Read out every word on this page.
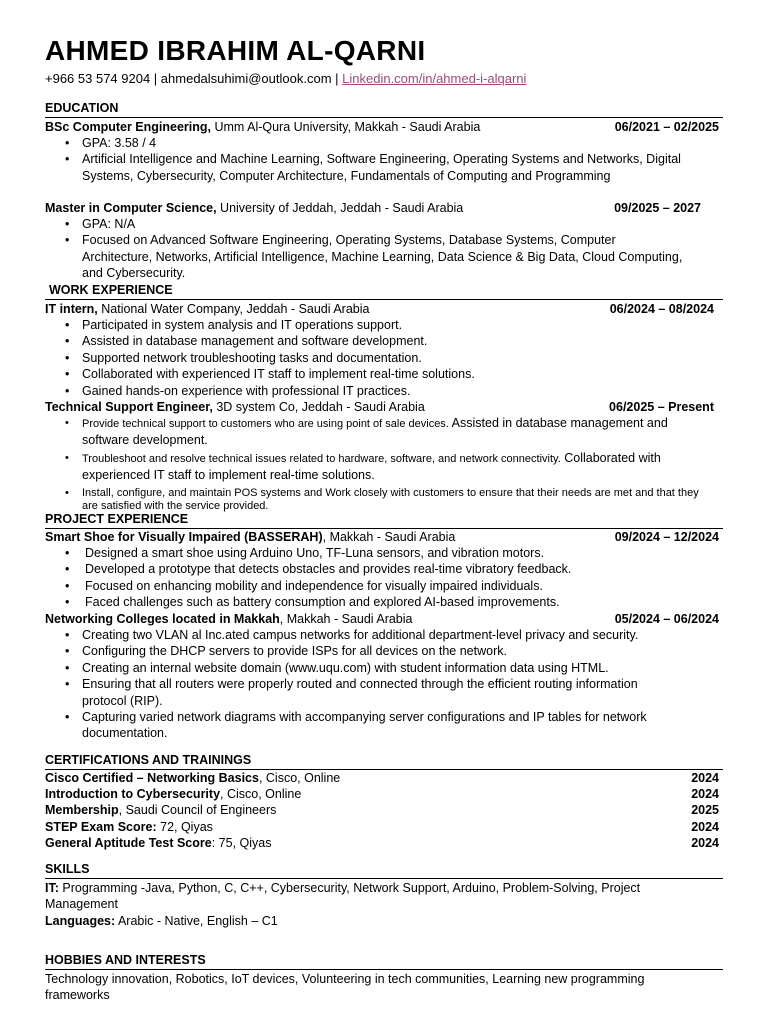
AHMED IBRAHIM AL-QARNI
+966 53 574 9204 | ahmedalsuhimi@outlook.com | Linkedin.com/in/ahmed-i-alqarni
EDUCATION
BSc Computer Engineering, Umm Al-Qura University, Makkah - Saudi Arabia	06/2021 – 02/2025
• GPA: 3.58 / 4
• Artificial Intelligence and Machine Learning, Software Engineering, Operating Systems and Networks, Digital Systems, Cybersecurity, Computer Architecture, Fundamentals of Computing and Programming
Master in Computer Science, University of Jeddah, Jeddah - Saudi Arabia	09/2025 – 2027
• GPA: N/A
• Focused on Advanced Software Engineering, Operating Systems, Database Systems, Computer Architecture, Networks, Artificial Intelligence, Machine Learning, Data Science & Big Data, Cloud Computing, and Cybersecurity.
WORK EXPERIENCE
IT intern, National Water Company, Jeddah - Saudi Arabia	06/2024 – 08/2024
• Participated in system analysis and IT operations support.
• Assisted in database management and software development.
• Supported network troubleshooting tasks and documentation.
• Collaborated with experienced IT staff to implement real-time solutions.
• Gained hands-on experience with professional IT practices.
Technical Support Engineer, 3D system Co, Jeddah - Saudi Arabia	06/2025 – Present
• Provide technical support to customers who are using point of sale devices. Assisted in database management and software development.
• Troubleshoot and resolve technical issues related to hardware, software, and network connectivity. Collaborated with experienced IT staff to implement real-time solutions.
• Install, configure, and maintain POS systems and Work closely with customers to ensure that their needs are met and that they are satisfied with the service provided.
PROJECT EXPERIENCE
Smart Shoe for Visually Impaired (BASSERAH), Makkah - Saudi Arabia	09/2024 – 12/2024
• Designed a smart shoe using Arduino Uno, TF-Luna sensors, and vibration motors.
• Developed a prototype that detects obstacles and provides real-time vibratory feedback.
• Focused on enhancing mobility and independence for visually impaired individuals.
• Faced challenges such as battery consumption and explored AI-based improvements.
Networking Colleges located in Makkah, Makkah - Saudi Arabia	05/2024 – 06/2024
• Creating two VLAN al Inc.ated campus networks for additional department-level privacy and security.
• Configuring the DHCP servers to provide ISPs for all devices on the network.
• Creating an internal website domain (www.uqu.com) with student information data using HTML.
• Ensuring that all routers were properly routed and connected through the efficient routing information protocol (RIP).
• Capturing varied network diagrams with accompanying server configurations and IP tables for network documentation.
CERTIFICATIONS AND TRAININGS
Cisco Certified – Networking Basics, Cisco, Online	2024
Introduction to Cybersecurity, Cisco, Online	2024
Membership, Saudi Council of Engineers	2025
STEP Exam Score: 72, Qiyas	2024
General Aptitude Test Score: 75, Qiyas	2024
SKILLS
IT: Programming -Java, Python, C, C++, Cybersecurity, Network Support, Arduino, Problem-Solving, Project Management
Languages: Arabic - Native, English – C1
HOBBIES AND INTERESTS
Technology innovation, Robotics, IoT devices, Volunteering in tech communities, Learning new programming frameworks
